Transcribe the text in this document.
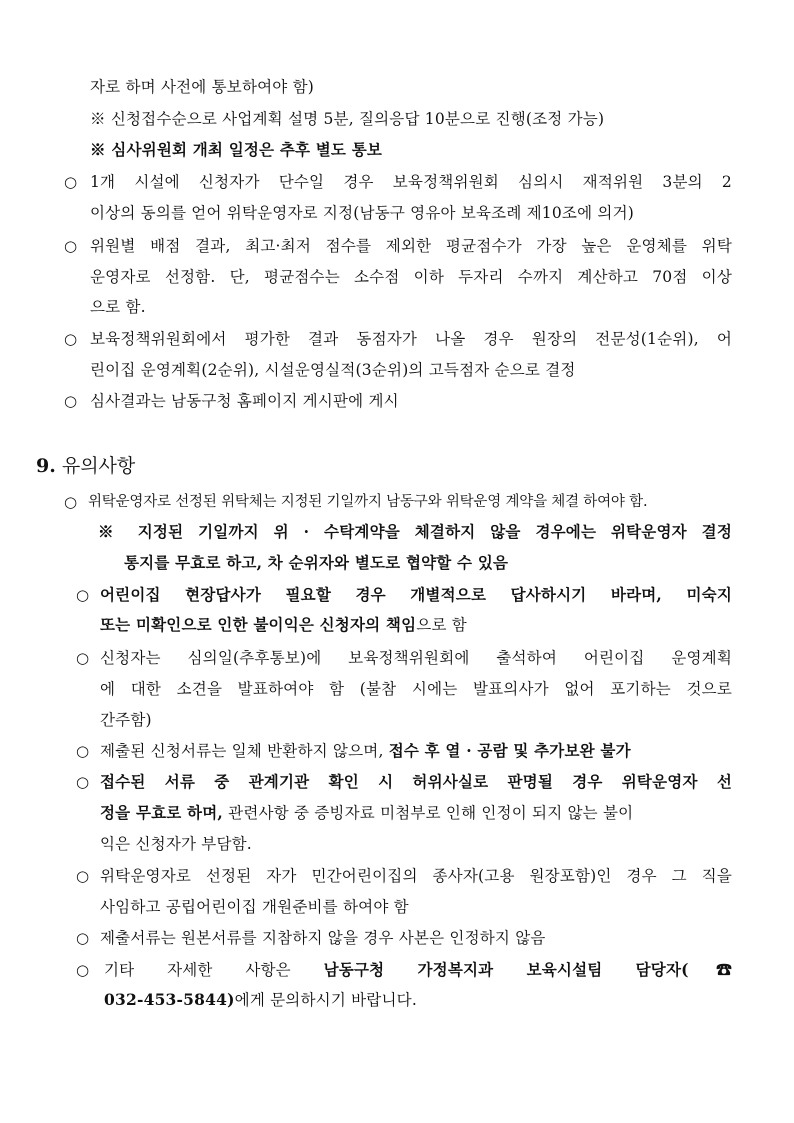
자로 하며 사전에 통보하여야 함)

※ 신청접수순으로 사업계획 설명 5분, 질의응답 10분으로 진행(조정 가능)

※ 심사위원회 개최 일정은 추후 별도 통보

○ 1개 시설에 신청자가 단수일 경우 보육정책위원회 심의시 재적위원 3분의 2

이상의 동의를 얻어 위탁운영자로 지정(남동구 영유아 보육조례 제10조에 의거)

○ 위원별 배점 결과, 최고·최저 점수를 제외한 평균점수가 가장 높은 운영체를 위탁

운영자로 선정함. 단, 평균점수는 소수점 이하 두자리 수까지 계산하고 70점 이상

으로 함.

○ 보육정책위원회에서 평가한 결과 동점자가 나올 경우 원장의 전문성(1순위), 어

린이집 운영계획(2순위), 시설운영실적(3순위)의 고득점자 순으로 결정

○ 심사결과는 남동구청 홈페이지 게시판에 게시

9. 유의사항
○ 위탁운영자로 선정된 위탁체는 지정된 기일까지 남동구와 위탁운영 계약을 체결 하여야 함.

※ 지정된 기일까지 위 · 수탁계약을 체결하지 않을 경우에는 위탁운영자 결정

통지를 무효로 하고, 차 순위자와 별도로 협약할 수 있음

○ 어린이집 현장답사가 필요할 경우 개별적으로 답사하시기 바라며, 미숙지

또는 미확인으로 인한 불이익은 신청자의 책임으로 함

○ 신청자는 심의일(추후통보)에 보육정책위원회에 출석하여 어린이집 운영계획

에 대한 소견을 발표하여야 함 (불참 시에는 발표의사가 없어 포기하는 것으로

간주함)

○ 제출된 신청서류는 일체 반환하지 않으며, 접수 후 열 · 공람 및 추가보완 불가

○ 접수된 서류 중 관계기관 확인 시 허위사실로 판명될 경우 위탁운영자 선

정을 무효로 하며, 관련사항 중 증빙자료 미첨부로 인해 인정이 되지 않는 불이

익은 신청자가 부담함.

○ 위탁운영자로 선정된 자가 민간어린이집의 종사자(고용 원장포함)인 경우 그 직을

사임하고 공립어린이집 개원준비를 하여야 함

○ 제출서류는 원본서류를 지참하지 않을 경우 사본은 인정하지 않음

○ 기타 자세한 사항은 남동구청 가정복지과 보육시설팀 담당자(☎

032-453-5844)에게 문의하시기 바랍니다.
